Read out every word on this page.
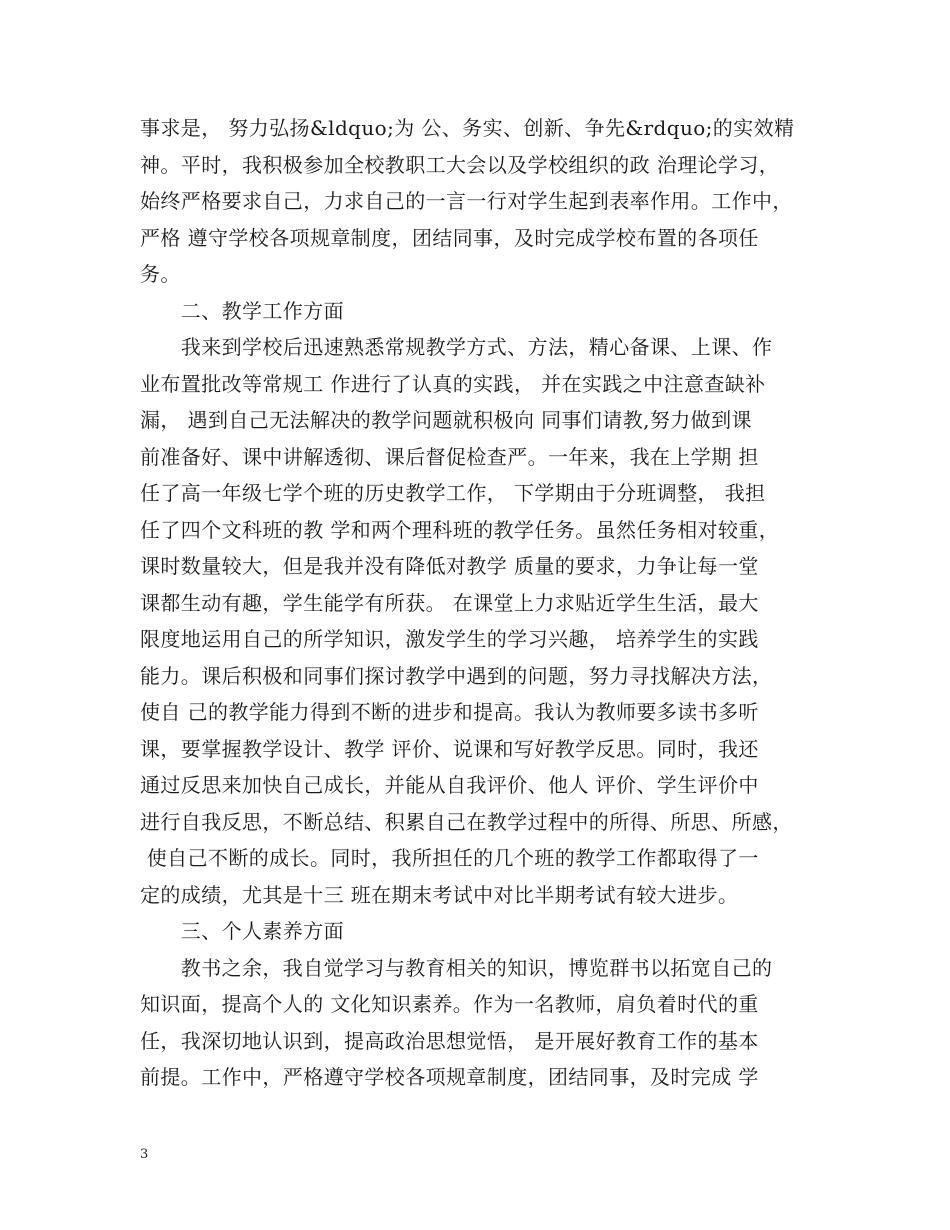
事求是， 努力弘扬&ldquo;为 公、务实、创新、争先&rdquo;的实效精
神。平时，我积极参加全校教职工大会以及学校组织的政 治理论学习，
始终严格要求自己，力求自己的一言一行对学生起到表率作用。工作中，
严格 遵守学校各项规章制度，团结同事，及时完成学校布置的各项任
务。
　　二、教学工作方面
　　我来到学校后迅速熟悉常规教学方式、方法，精心备课、上课、作
业布置批改等常规工 作进行了认真的实践， 并在实践之中注意查缺补
漏， 遇到自己无法解决的教学问题就积极向 同事们请教,努力做到课
前准备好、课中讲解透彻、课后督促检查严。一年来，我在上学期 担
任了高一年级七学个班的历史教学工作， 下学期由于分班调整， 我担
任了四个文科班的教 学和两个理科班的教学任务。虽然任务相对较重，
课时数量较大，但是我并没有降低对教学 质量的要求，力争让每一堂
课都生动有趣，学生能学有所获。 在课堂上力求贴近学生生活，最大
限度地运用自己的所学知识，激发学生的学习兴趣， 培养学生的实践
能力。课后积极和同事们探讨教学中遇到的问题，努力寻找解决方法，
使自 己的教学能力得到不断的进步和提高。我认为教师要多读书多听
课，要掌握教学设计、教学 评价、说课和写好教学反思。同时，我还
通过反思来加快自己成长，并能从自我评价、他人 评价、学生评价中
进行自我反思，不断总结、积累自己在教学过程中的所得、所思、所感，
使自己不断的成长。同时，我所担任的几个班的教学工作都取得了一
定的成绩，尤其是十三 班在期末考试中对比半期考试有较大进步。
　　三、个人素养方面
　　教书之余，我自觉学习与教育相关的知识，博览群书以拓宽自己的
知识面，提高个人的 文化知识素养。作为一名教师，肩负着时代的重
任，我深切地认识到，提高政治思想觉悟， 是开展好教育工作的基本
前提。工作中，严格遵守学校各项规章制度，团结同事，及时完成 学
3
